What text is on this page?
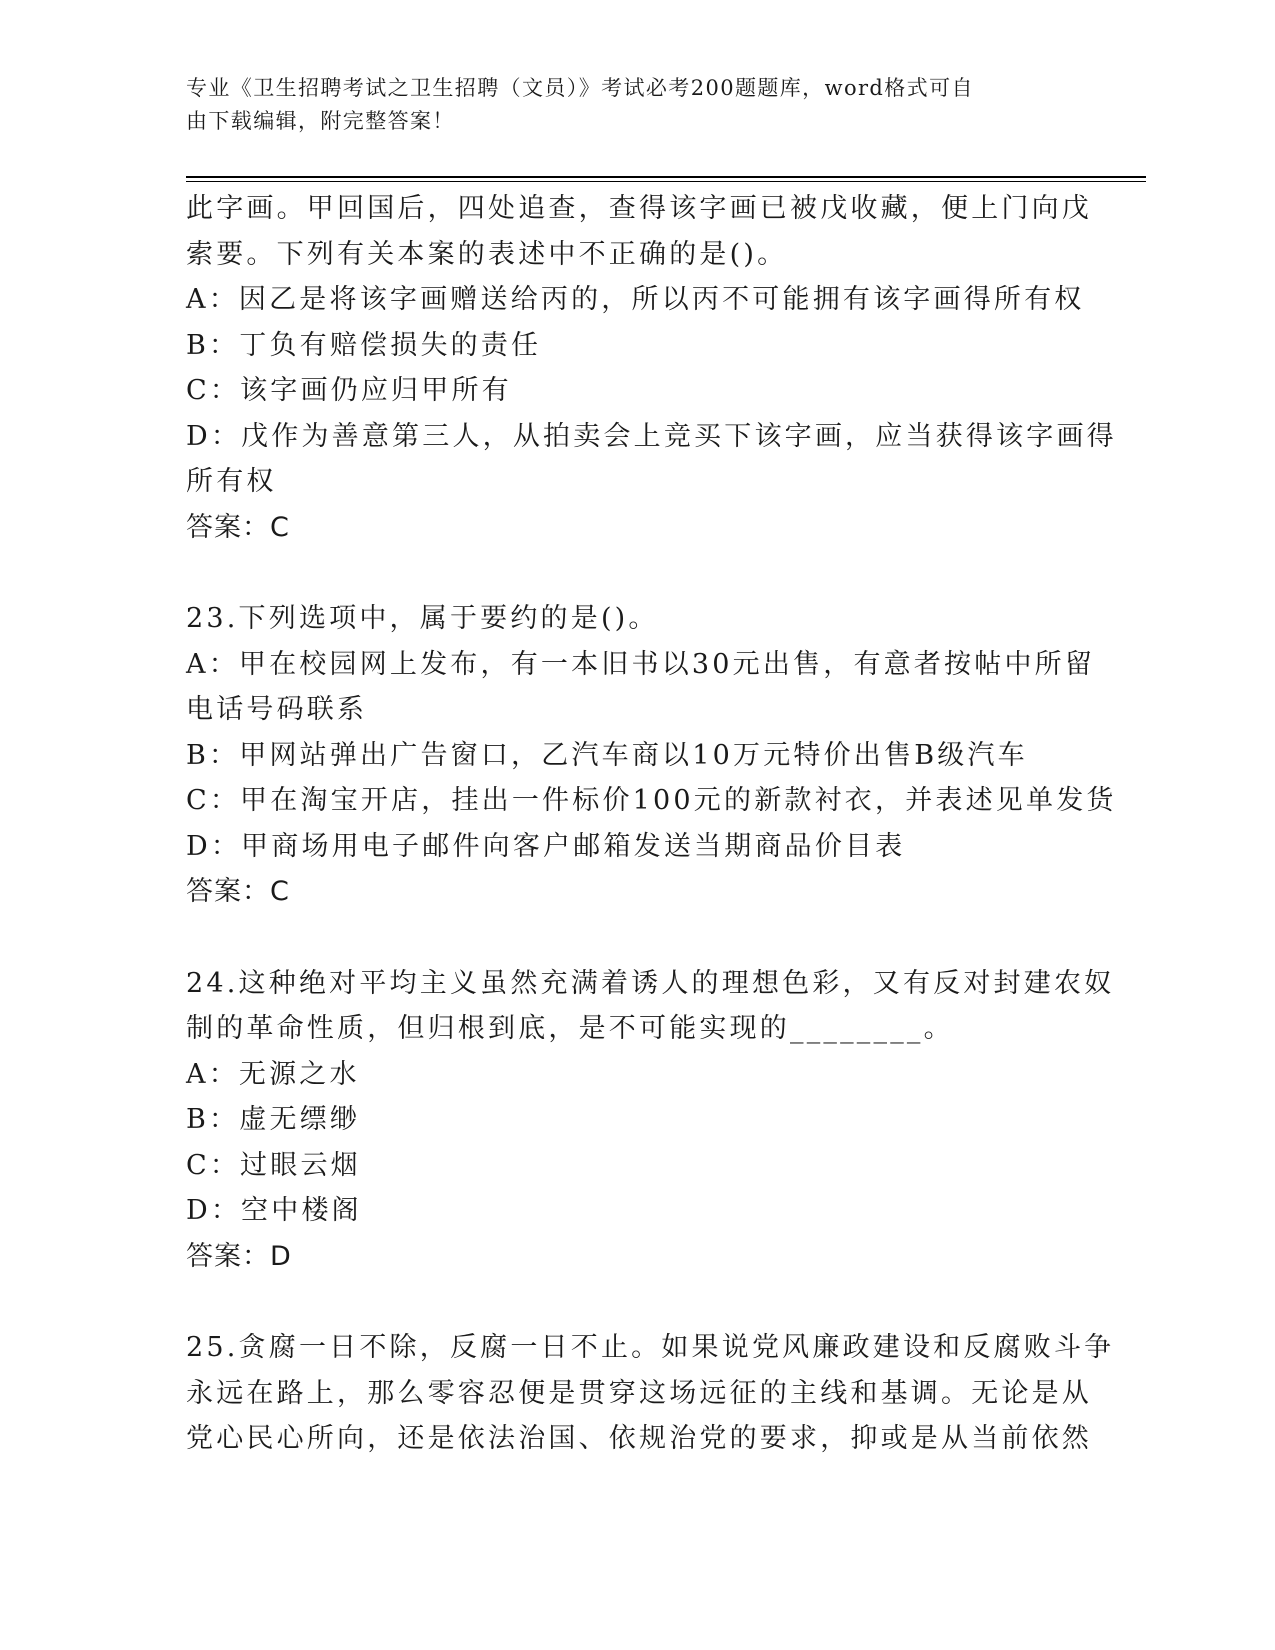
专业《卫生招聘考试之卫生招聘（文员）》考试必考200题题库，word格式可自
由下载编辑，附完整答案！
此字画。甲回国后，四处追查，查得该字画已被戊收藏，便上门向戊
索要。下列有关本案的表述中不正确的是()。
A：因乙是将该字画赠送给丙的，所以丙不可能拥有该字画得所有权
B：丁负有赔偿损失的责任
C：该字画仍应归甲所有
D：戊作为善意第三人，从拍卖会上竞买下该字画，应当获得该字画得
所有权
答案：C
23.下列选项中，属于要约的是()。
A：甲在校园网上发布，有一本旧书以30元出售，有意者按帖中所留
电话号码联系
B：甲网站弹出广告窗口，乙汽车商以10万元特价出售B级汽车
C：甲在淘宝开店，挂出一件标价100元的新款衬衣，并表述见单发货
D：甲商场用电子邮件向客户邮箱发送当期商品价目表
答案：C
24.这种绝对平均主义虽然充满着诱人的理想色彩，又有反对封建农奴
制的革命性质，但归根到底，是不可能实现的________。
A：无源之水
B：虚无缥缈
C：过眼云烟
D：空中楼阁
答案：D
25.贪腐一日不除，反腐一日不止。如果说党风廉政建设和反腐败斗争
永远在路上，那么零容忍便是贯穿这场远征的主线和基调。无论是从
党心民心所向，还是依法治国、依规治党的要求，抑或是从当前依然
